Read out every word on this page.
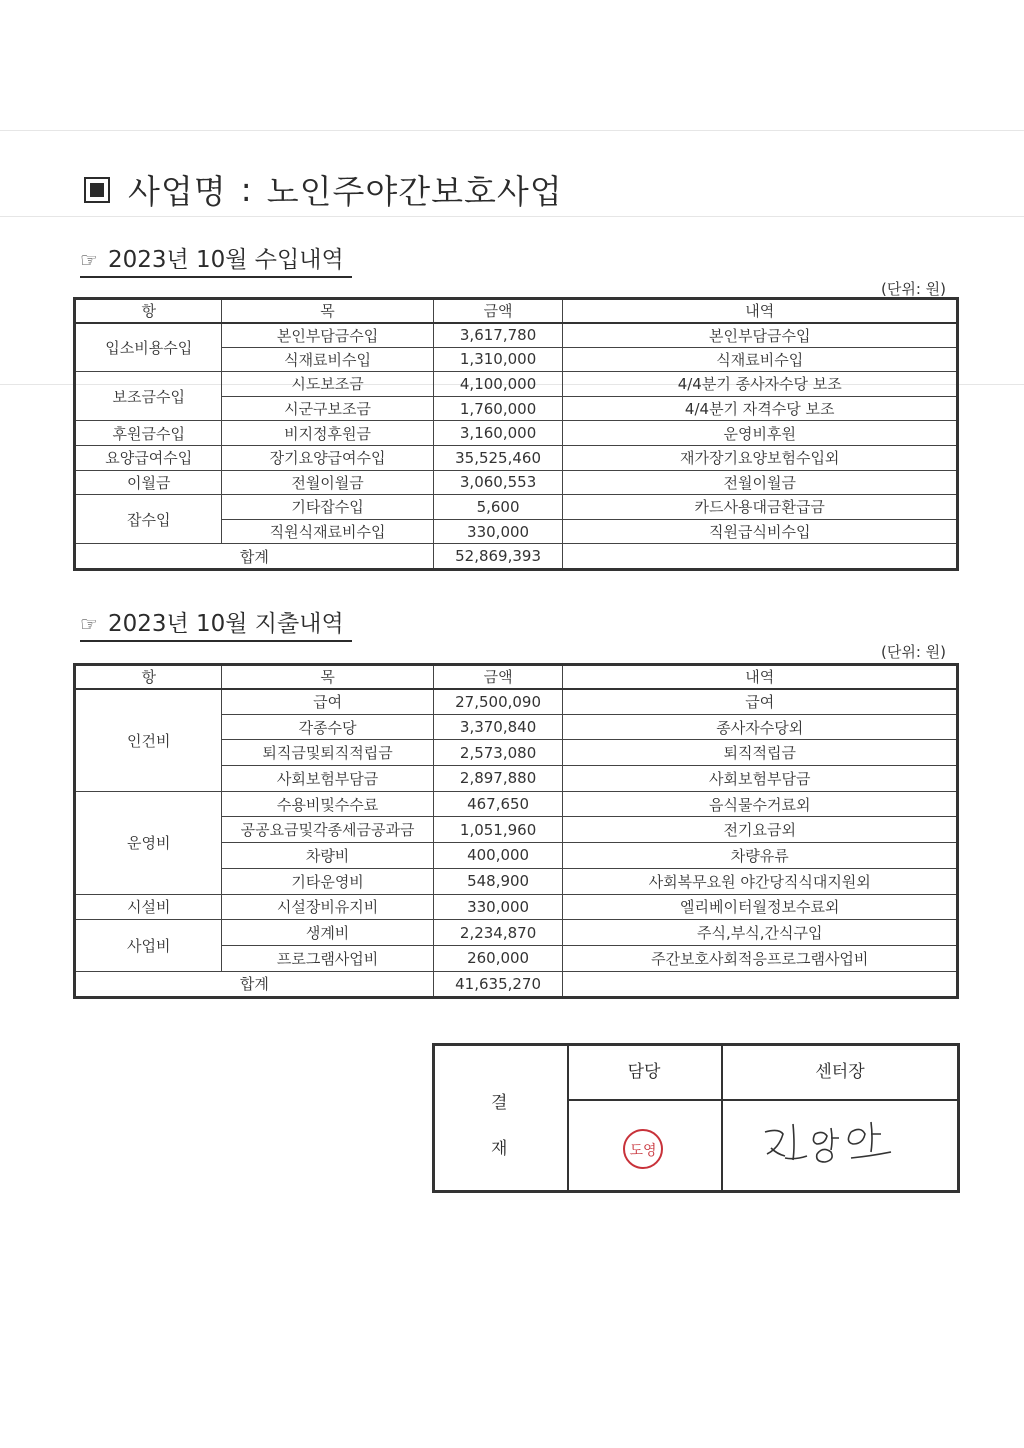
사업명 : 노인주야간보호사업
☞ 2023년 10월 수입내역
(단위: 원)
항	목	금액	내역
입소비용수입	본인부담금수입	3,617,780	본인부담금수입
	식재료비수입	1,310,000	식재료비수입
보조금수입	시도보조금	4,100,000	4/4분기 종사자수당 보조
	시군구보조금	1,760,000	4/4분기 자격수당 보조
후원금수입	비지정후원금	3,160,000	운영비후원
요양급여수입	장기요양급여수입	35,525,460	재가장기요양보험수입외
이월금	전월이월금	3,060,553	전월이월금
잡수입	기타잡수입	5,600	카드사용대금환급금
	직원식재료비수입	330,000	직원급식비수입
합계		52,869,393	
☞ 2023년 10월 지출내역
(단위: 원)
항	목	금액	내역
인건비	급여	27,500,090	급여
	각종수당	3,370,840	종사자수당외
	퇴직금및퇴직적립금	2,573,080	퇴직적립금
	사회보험부담금	2,897,880	사회보험부담금
운영비	수용비및수수료	467,650	음식물수거료외
	공공요금및각종세금공과금	1,051,960	전기요금외
	차량비	400,000	차량유류
	기타운영비	548,900	사회복무요원 야간당직식대지원외
시설비	시설장비유지비	330,000	엘리베이터월정보수료외
사업비	생계비	2,234,870	주식,부식,간식구입
	프로그램사업비	260,000	주간보호사회적응프로그램사업비
합계		41,635,270	
결
재
담당	센터장
도영
